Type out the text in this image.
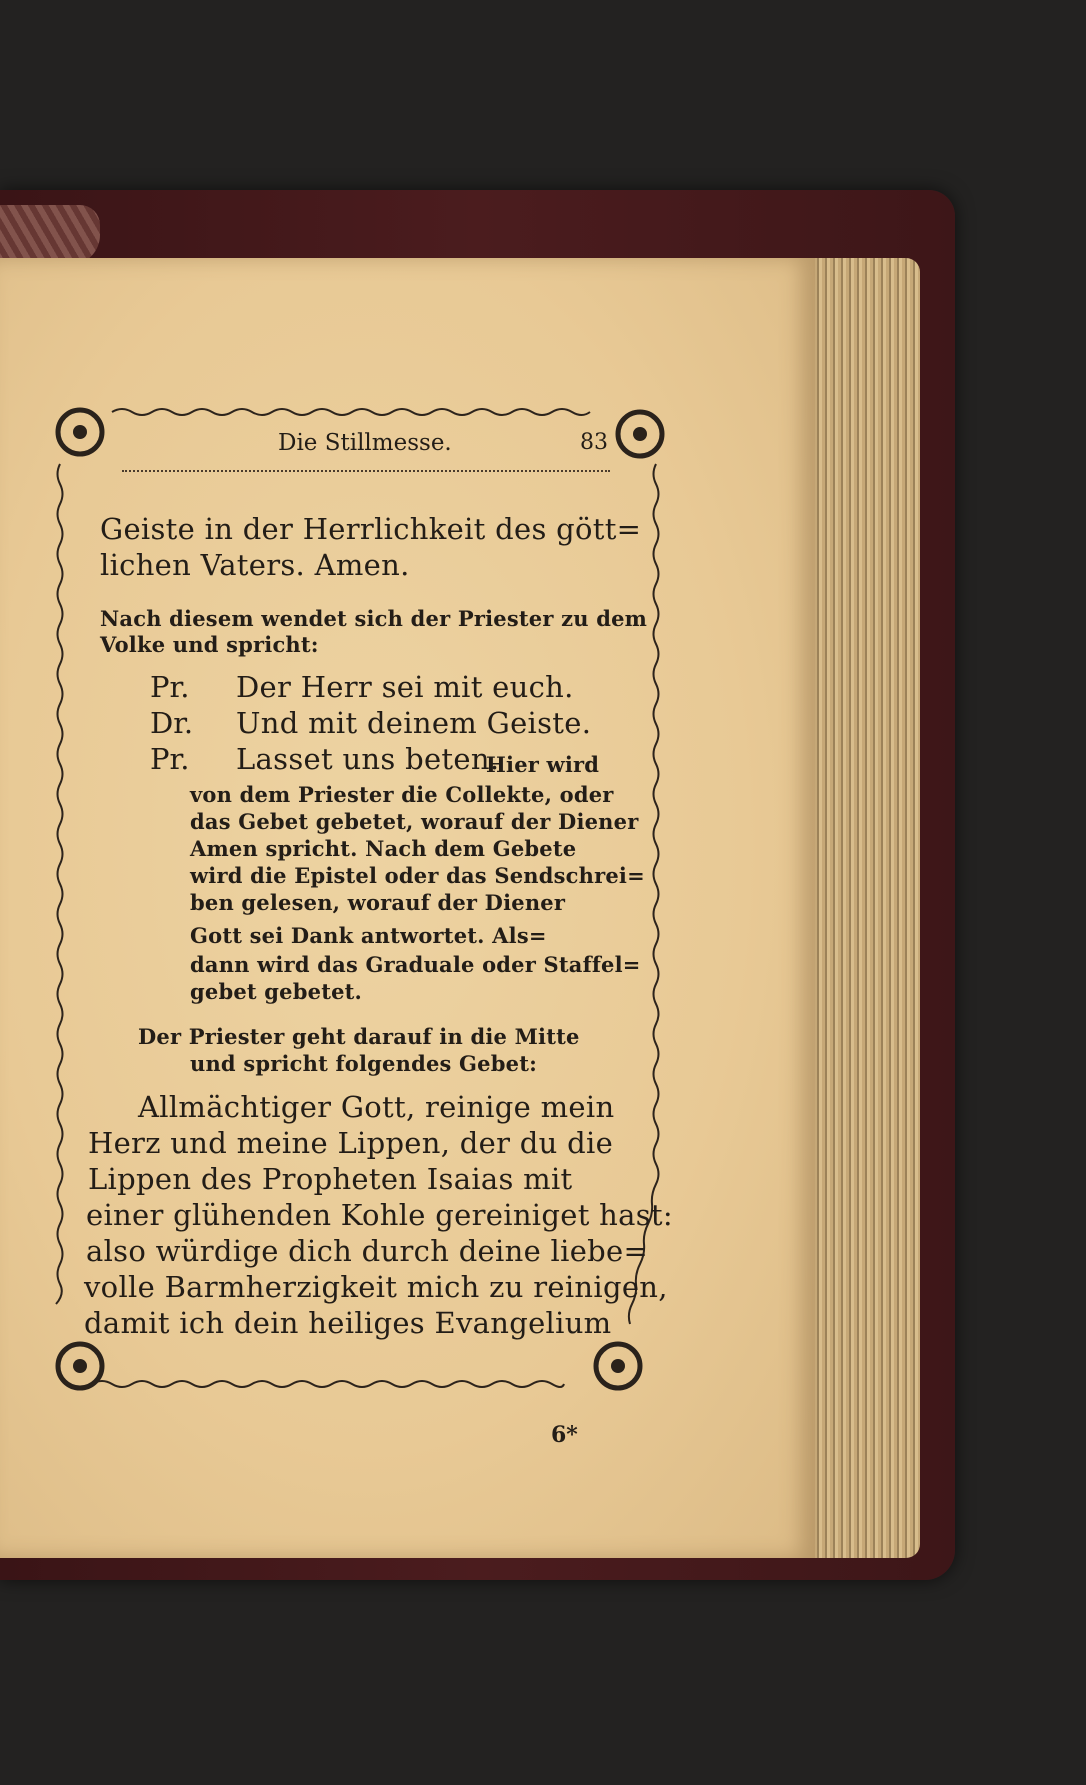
Die Stillmesse.	83
Geiste in der Herrlichkeit des gött=
lichen Vaters. Amen.
Nach diesem wendet sich der Priester zu dem
Volke und spricht:
Pr. Der Herr sei mit euch.
Dr. Und mit deinem Geiste.
Pr. Lasset uns beten.
Hier wird
von dem Priester die Collekte, oder
das Gebet gebetet, worauf der Diener
Amen spricht. Nach dem Gebete
wird die Epistel oder das Sendschrei=
ben gelesen, worauf der Diener
Gott sei Dank antwortet. Als=
dann wird das Graduale oder Staffel=
gebet gebetet.
Der Priester geht darauf in die Mitte
und spricht folgendes Gebet:
Allmächtiger Gott, reinige mein
Herz und meine Lippen, der du die
Lippen des Propheten Isaias mit
einer glühenden Kohle gereiniget hast:
also würdige dich durch deine liebe=
volle Barmherzigkeit mich zu reinigen,
damit ich dein heiliges Evangelium
6*
